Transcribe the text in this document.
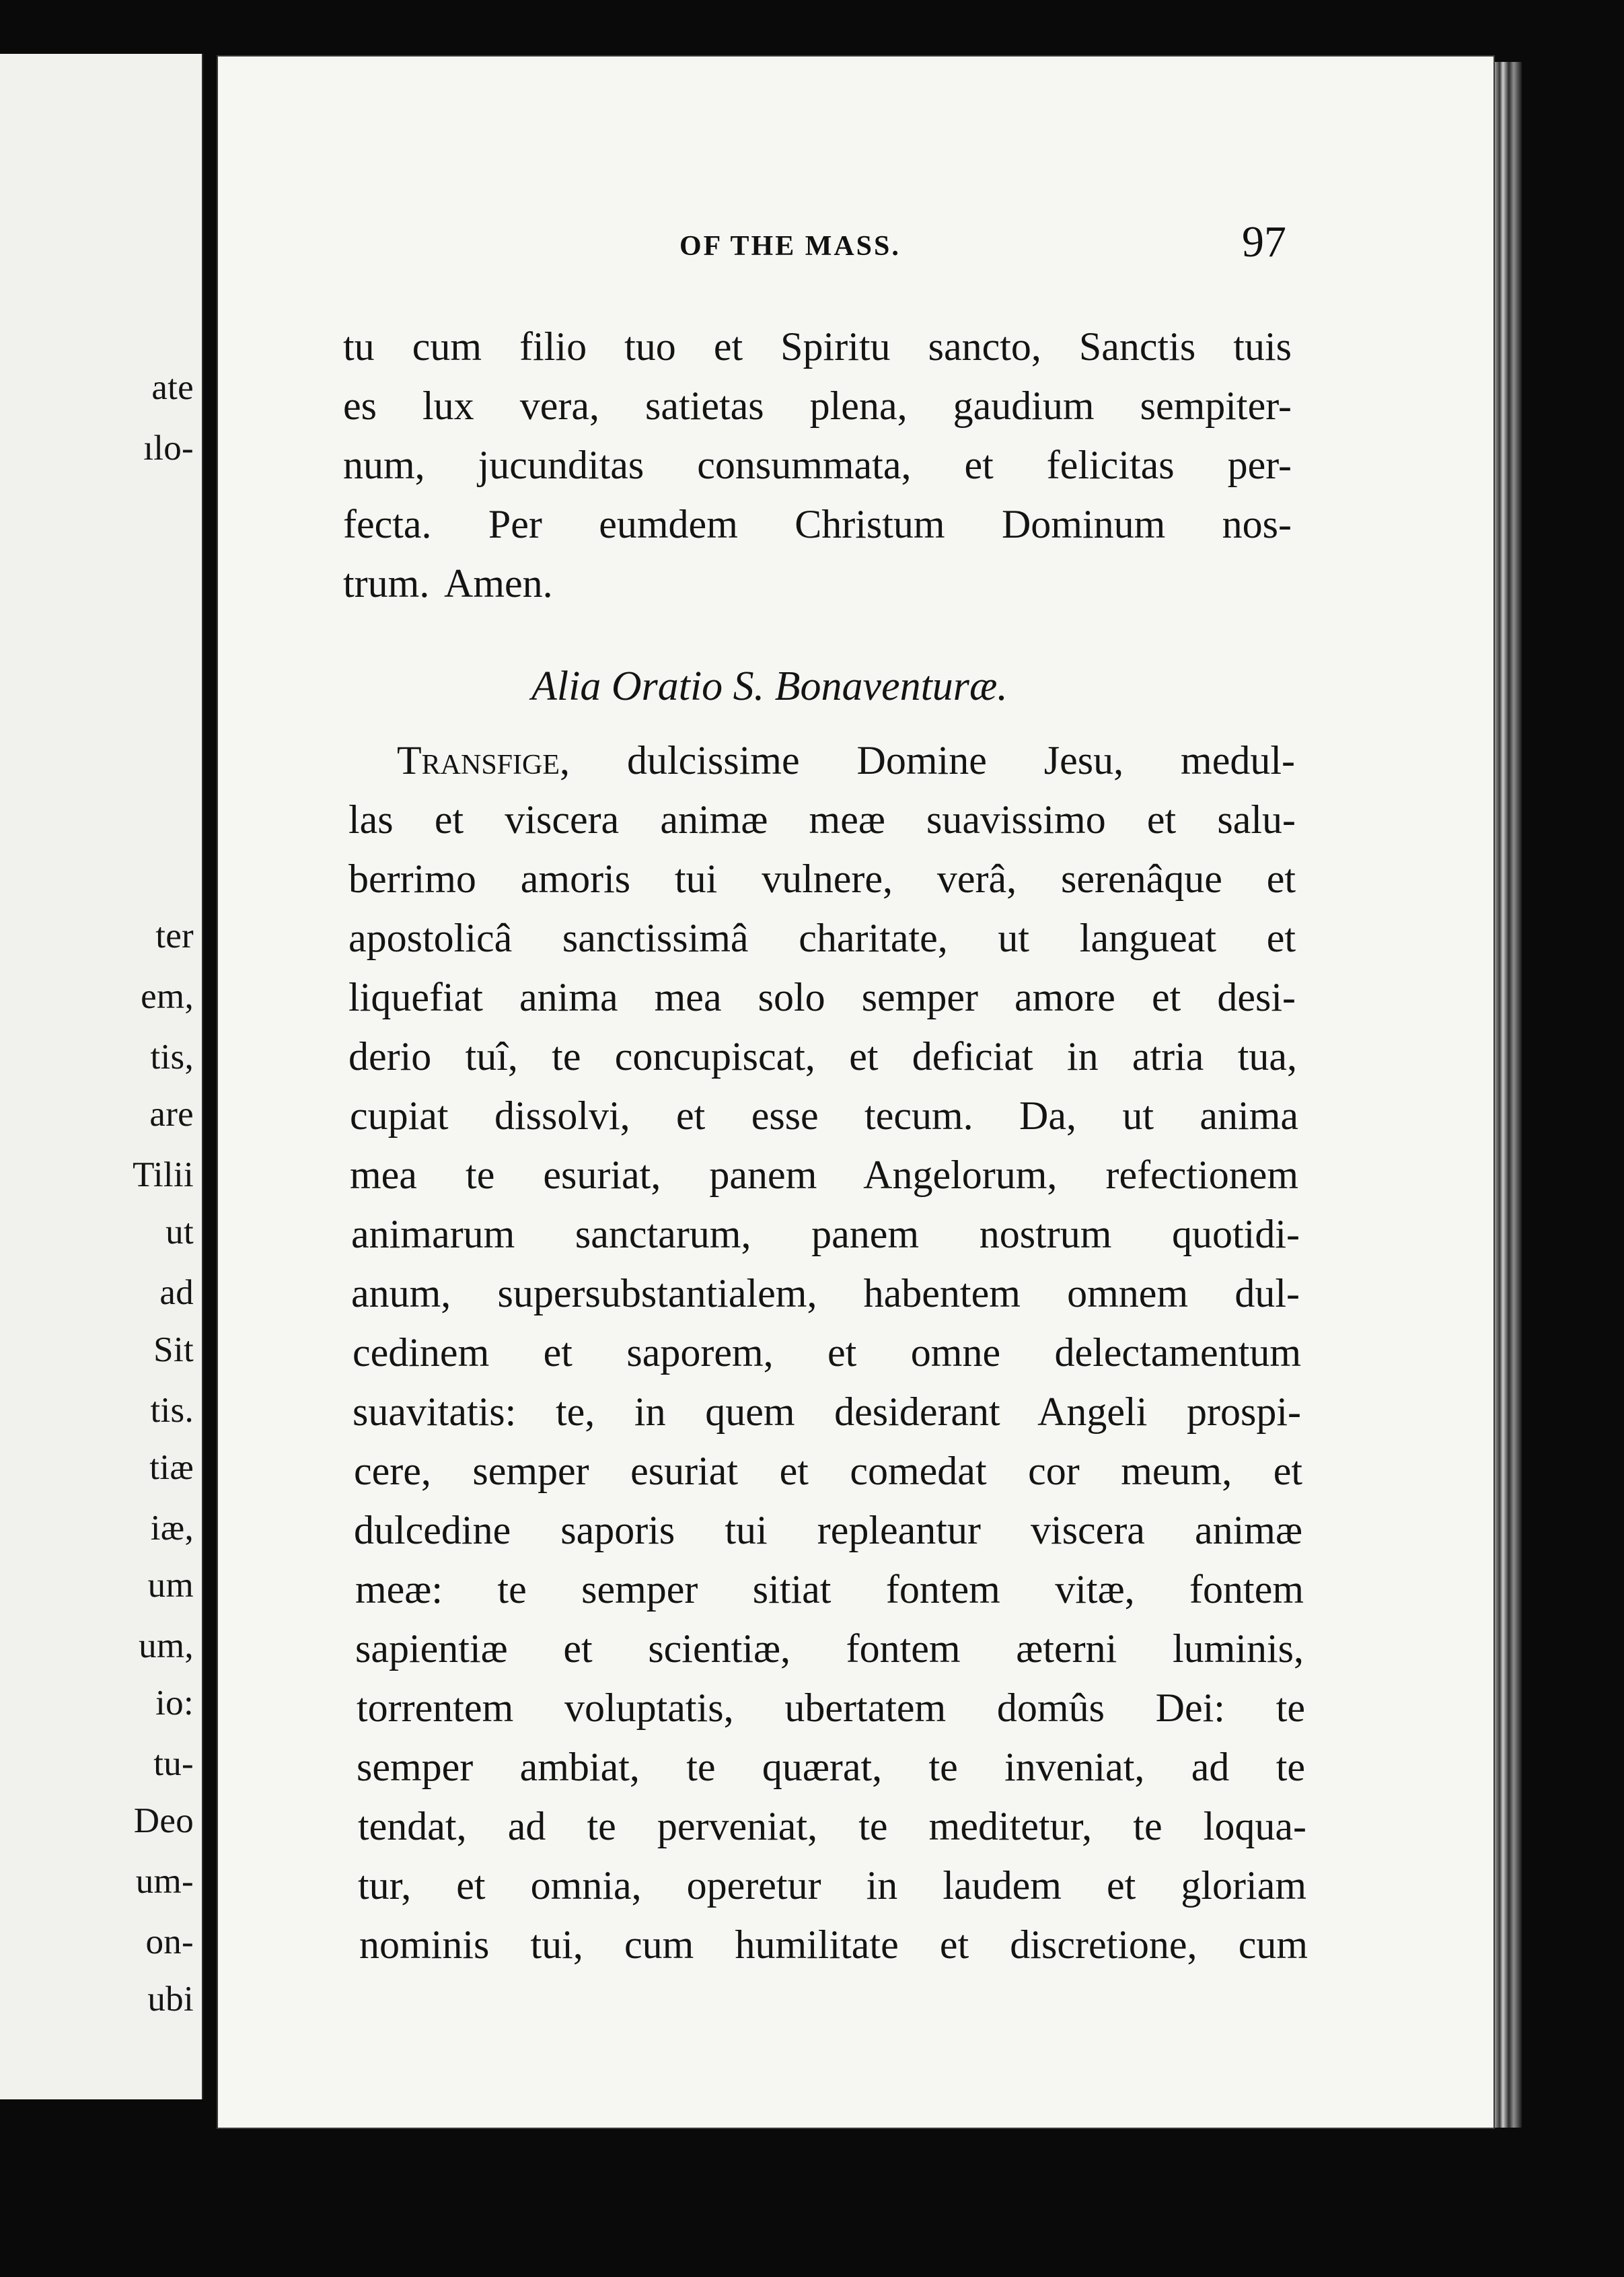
ate
ılo-
ter
em,
tis,
are
Tilii
ut
ad
Sit
tis.
tiæ
iæ,
um
um,
io:
tu-
Deo
um-
on-
ubi
OF THE MASS.	97
tu cum filio tuo et Spiritu sancto, Sanctis tuis
es lux vera, satietas plena, gaudium sempiter-
num, jucunditas consummata, et felicitas per-
fecta. Per eumdem Christum Dominum nos-
trum. Amen.
Alia Oratio S. Bonaventuræ.
Transfige, dulcissime Domine Jesu, medul-
las et viscera animæ meæ suavissimo et salu-
berrimo amoris tui vulnere, verâ, serenâque et
apostolicâ sanctissimâ charitate, ut langueat et
liquefiat anima mea solo semper amore et desi-
derio tuî, te concupiscat, et deficiat in atria tua,
cupiat dissolvi, et esse tecum. Da, ut anima
mea te esuriat, panem Angelorum, refectionem
animarum sanctarum, panem nostrum quotidi-
anum, supersubstantialem, habentem omnem dul-
cedinem et saporem, et omne delectamentum
suavitatis: te, in quem desiderant Angeli prospi-
cere, semper esuriat et comedat cor meum, et
dulcedine saporis tui repleantur viscera animæ
meæ: te semper sitiat fontem vitæ, fontem
sapientiæ et scientiæ, fontem æterni luminis,
torrentem voluptatis, ubertatem domûs Dei: te
semper ambiat, te quærat, te inveniat, ad te
tendat, ad te perveniat, te meditetur, te loqua-
tur, et omnia, operetur in laudem et gloriam
nominis tui, cum humilitate et discretione, cum
